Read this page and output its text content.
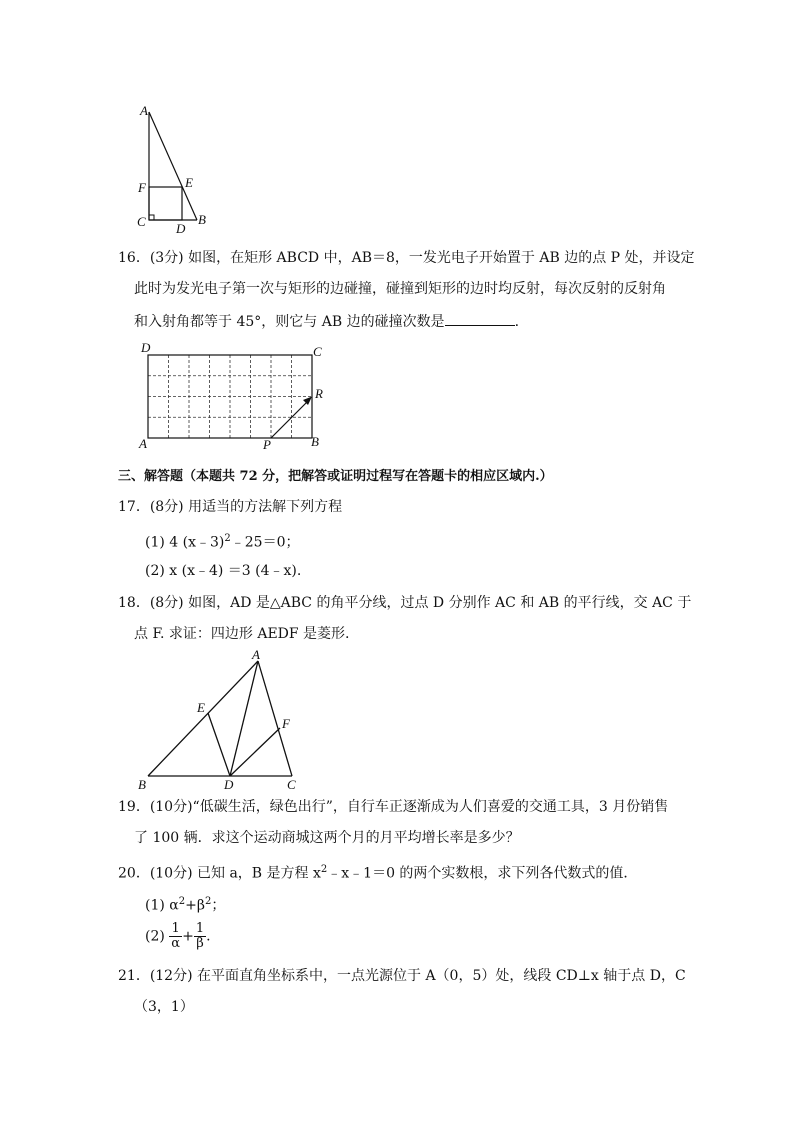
A
F	E
C D
B
16．(3分) 如图，在矩形 ABCD 中，AB＝8，一发光电子开始置于 AB 边的点 P 处，并设定
此时为发光电子第一次与矩形的边碰撞，碰撞到矩形的边时均反射，每次反射的反射角
和入射角都等于 45°，则它与 AB 边的碰撞次数是	.
D	C
R
A	P	B
三、解答题（本题共 72 分，把解答或证明过程写在答题卡的相应区域内.）
17．(8分) 用适当的方法解下列方程
(1) 4 (x﹣3)$^2$﹣25＝0；
(2) x (x﹣4) ＝3 (4﹣x).
18．(8分) 如图，AD 是△ABC 的角平分线，过点 D 分别作 AC 和 AB 的平行线，交 AC 于
点 F. 求证：四边形 AEDF 是菱形.
A
E
F
B	D	C
19．(10分)“低碳生活，绿色出行”，自行车正逐渐成为人们喜爱的交通工具，3 月份销售
了 100 辆．求这个运动商城这两个月的月平均增长率是多少？
20．(10分) 已知 a，B 是方程 $x^2﹣x﹣1=0$ 的两个实数根，求下列各代数式的值．
(1) $\alpha^2+\beta^2$；
$(2) \frac{1}{\alpha} + \frac{1}{\beta}$ .
21．(12分) 在平面直角坐标系中，一点光源位于 A（0，5）处，线段 CD⊥x 轴于点 D，C
（3，1）
